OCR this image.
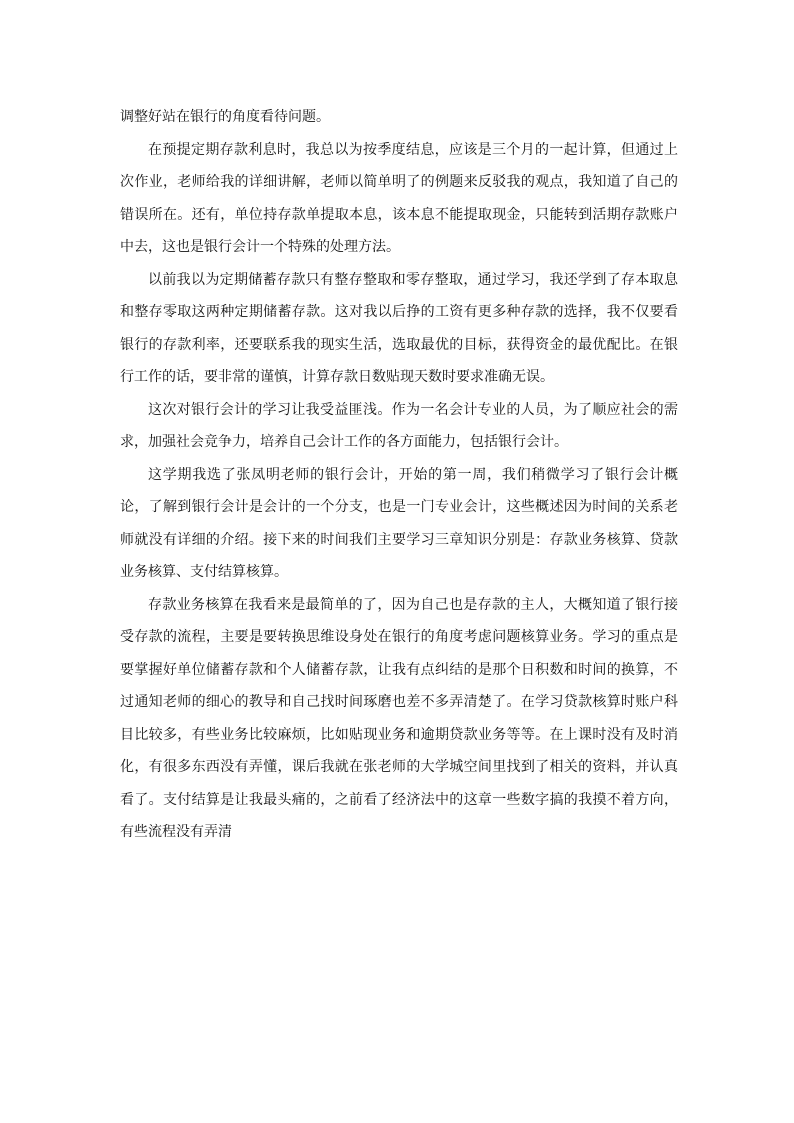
调整好站在银行的角度看待问题。

在预提定期存款利息时，我总以为按季度结息，应该是三个月的一起计算，但通过上次作业，老师给我的详细讲解，老师以简单明了的例题来反驳我的观点，我知道了自己的错误所在。还有，单位持存款单提取本息，该本息不能提取现金，只能转到活期存款账户中去，这也是银行会计一个特殊的处理方法。

以前我以为定期储蓄存款只有整存整取和零存整取，通过学习，我还学到了存本取息和整存零取这两种定期储蓄存款。这对我以后挣的工资有更多种存款的选择，我不仅要看银行的存款利率，还要联系我的现实生活，选取最优的目标，获得资金的最优配比。在银行工作的话，要非常的谨慎，计算存款日数贴现天数时要求准确无误。

这次对银行会计的学习让我受益匪浅。作为一名会计专业的人员，为了顺应社会的需求，加强社会竞争力，培养自己会计工作的各方面能力，包括银行会计。

这学期我选了张凤明老师的银行会计，开始的第一周，我们稍微学习了银行会计概论，了解到银行会计是会计的一个分支，也是一门专业会计，这些概述因为时间的关系老师就没有详细的介绍。接下来的时间我们主要学习三章知识分别是：存款业务核算、贷款业务核算、支付结算核算。

存款业务核算在我看来是最简单的了，因为自己也是存款的主人，大概知道了银行接受存款的流程，主要是要转换思维设身处在银行的角度考虑问题核算业务。学习的重点是要掌握好单位储蓄存款和个人储蓄存款，让我有点纠结的是那个日积数和时间的换算，不过通知老师的细心的教导和自己找时间琢磨也差不多弄清楚了。在学习贷款核算时账户科目比较多，有些业务比较麻烦，比如贴现业务和逾期贷款业务等等。在上课时没有及时消化，有很多东西没有弄懂，课后我就在张老师的大学城空间里找到了相关的资料，并认真看了。支付结算是让我最头痛的，之前看了经济法中的这章一些数字搞的我摸不着方向，有些流程没有弄清
